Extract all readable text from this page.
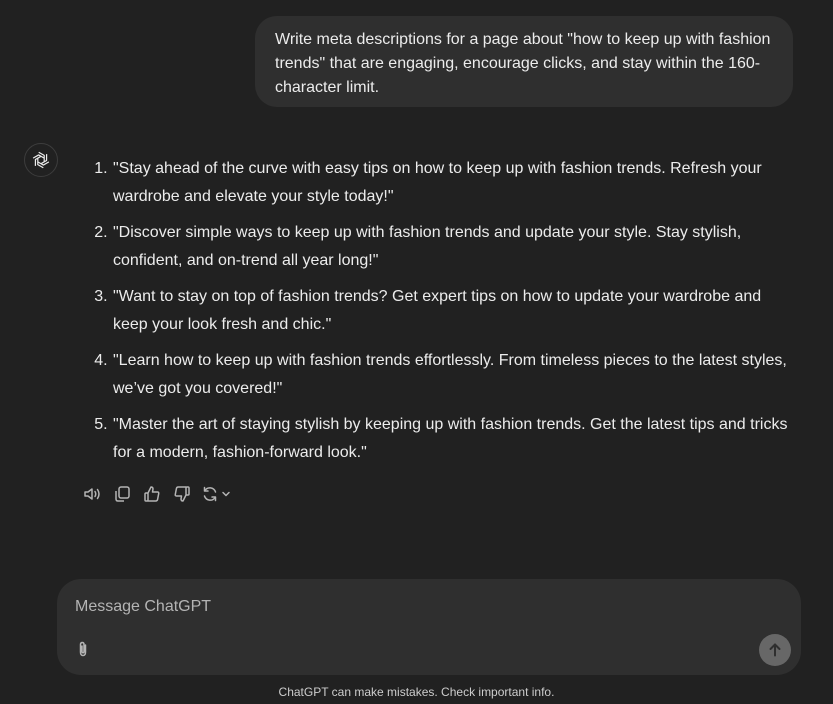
Write meta descriptions for a page about "how to keep up with fashion trends" that are engaging, encourage clicks, and stay within the 160-character limit.
1. "Stay ahead of the curve with easy tips on how to keep up with fashion trends. Refresh your wardrobe and elevate your style today!"
2. "Discover simple ways to keep up with fashion trends and update your style. Stay stylish, confident, and on-trend all year long!"
3. "Want to stay on top of fashion trends? Get expert tips on how to update your wardrobe and keep your look fresh and chic."
4. "Learn how to keep up with fashion trends effortlessly. From timeless pieces to the latest styles, we’ve got you covered!"
5. "Master the art of staying stylish by keeping up with fashion trends. Get the latest tips and tricks for a modern, fashion-forward look."
Message ChatGPT
ChatGPT can make mistakes. Check important info.
